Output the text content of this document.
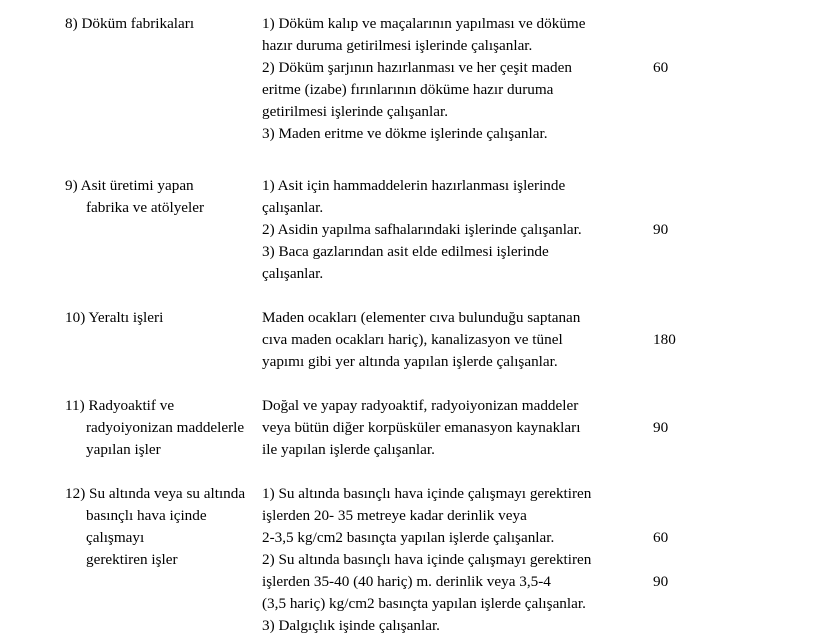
8) Döküm fabrikaları	1) Döküm kalıp ve maçalarının yapılması ve döküme
hazır duruma getirilmesi işlerinde çalışanlar.
2) Döküm şarjının hazırlanması ve her çeşit maden
eritme (izabe) fırınlarının döküme hazır duruma
getirilmesi işlerinde çalışanlar.
3) Maden eritme ve dökme işlerinde çalışanlar.
60
9) Asit üretimi yapan
fabrika ve atölyeler
1) Asit için hammaddelerin hazırlanması işlerinde
çalışanlar.
2) Asidin yapılma safhalarındaki işlerinde çalışanlar.
3) Baca gazlarından asit elde edilmesi işlerinde
çalışanlar.
90
10) Yeraltı işleri	Maden ocakları (elementer cıva bulunduğu saptanan
cıva maden ocakları hariç), kanalizasyon ve tünel
yapımı gibi yer altında yapılan işlerde çalışanlar.
180
11) Radyoaktif ve
radyoiyonizan maddelerle
yapılan işler
Doğal ve yapay radyoaktif, radyoiyonizan maddeler
veya bütün diğer korpüsküler emanasyon kaynakları
ile yapılan işlerde çalışanlar.
90
12) Su altında veya su altında
basınçlı hava içinde çalışmayı
gerektiren işler
1) Su altında basınçlı hava içinde çalışmayı gerektiren
işlerden 20- 35 metreye kadar derinlik veya
2-3,5 kg/cm2 basınçta yapılan işlerde çalışanlar.
2) Su altında basınçlı hava içinde çalışmayı gerektiren
işlerden 35-40 (40 hariç) m. derinlik veya 3,5-4
(3,5 hariç) kg/cm2 basınçta yapılan işlerde çalışanlar.
3) Dalgıçlık işinde çalışanlar.
60
90
